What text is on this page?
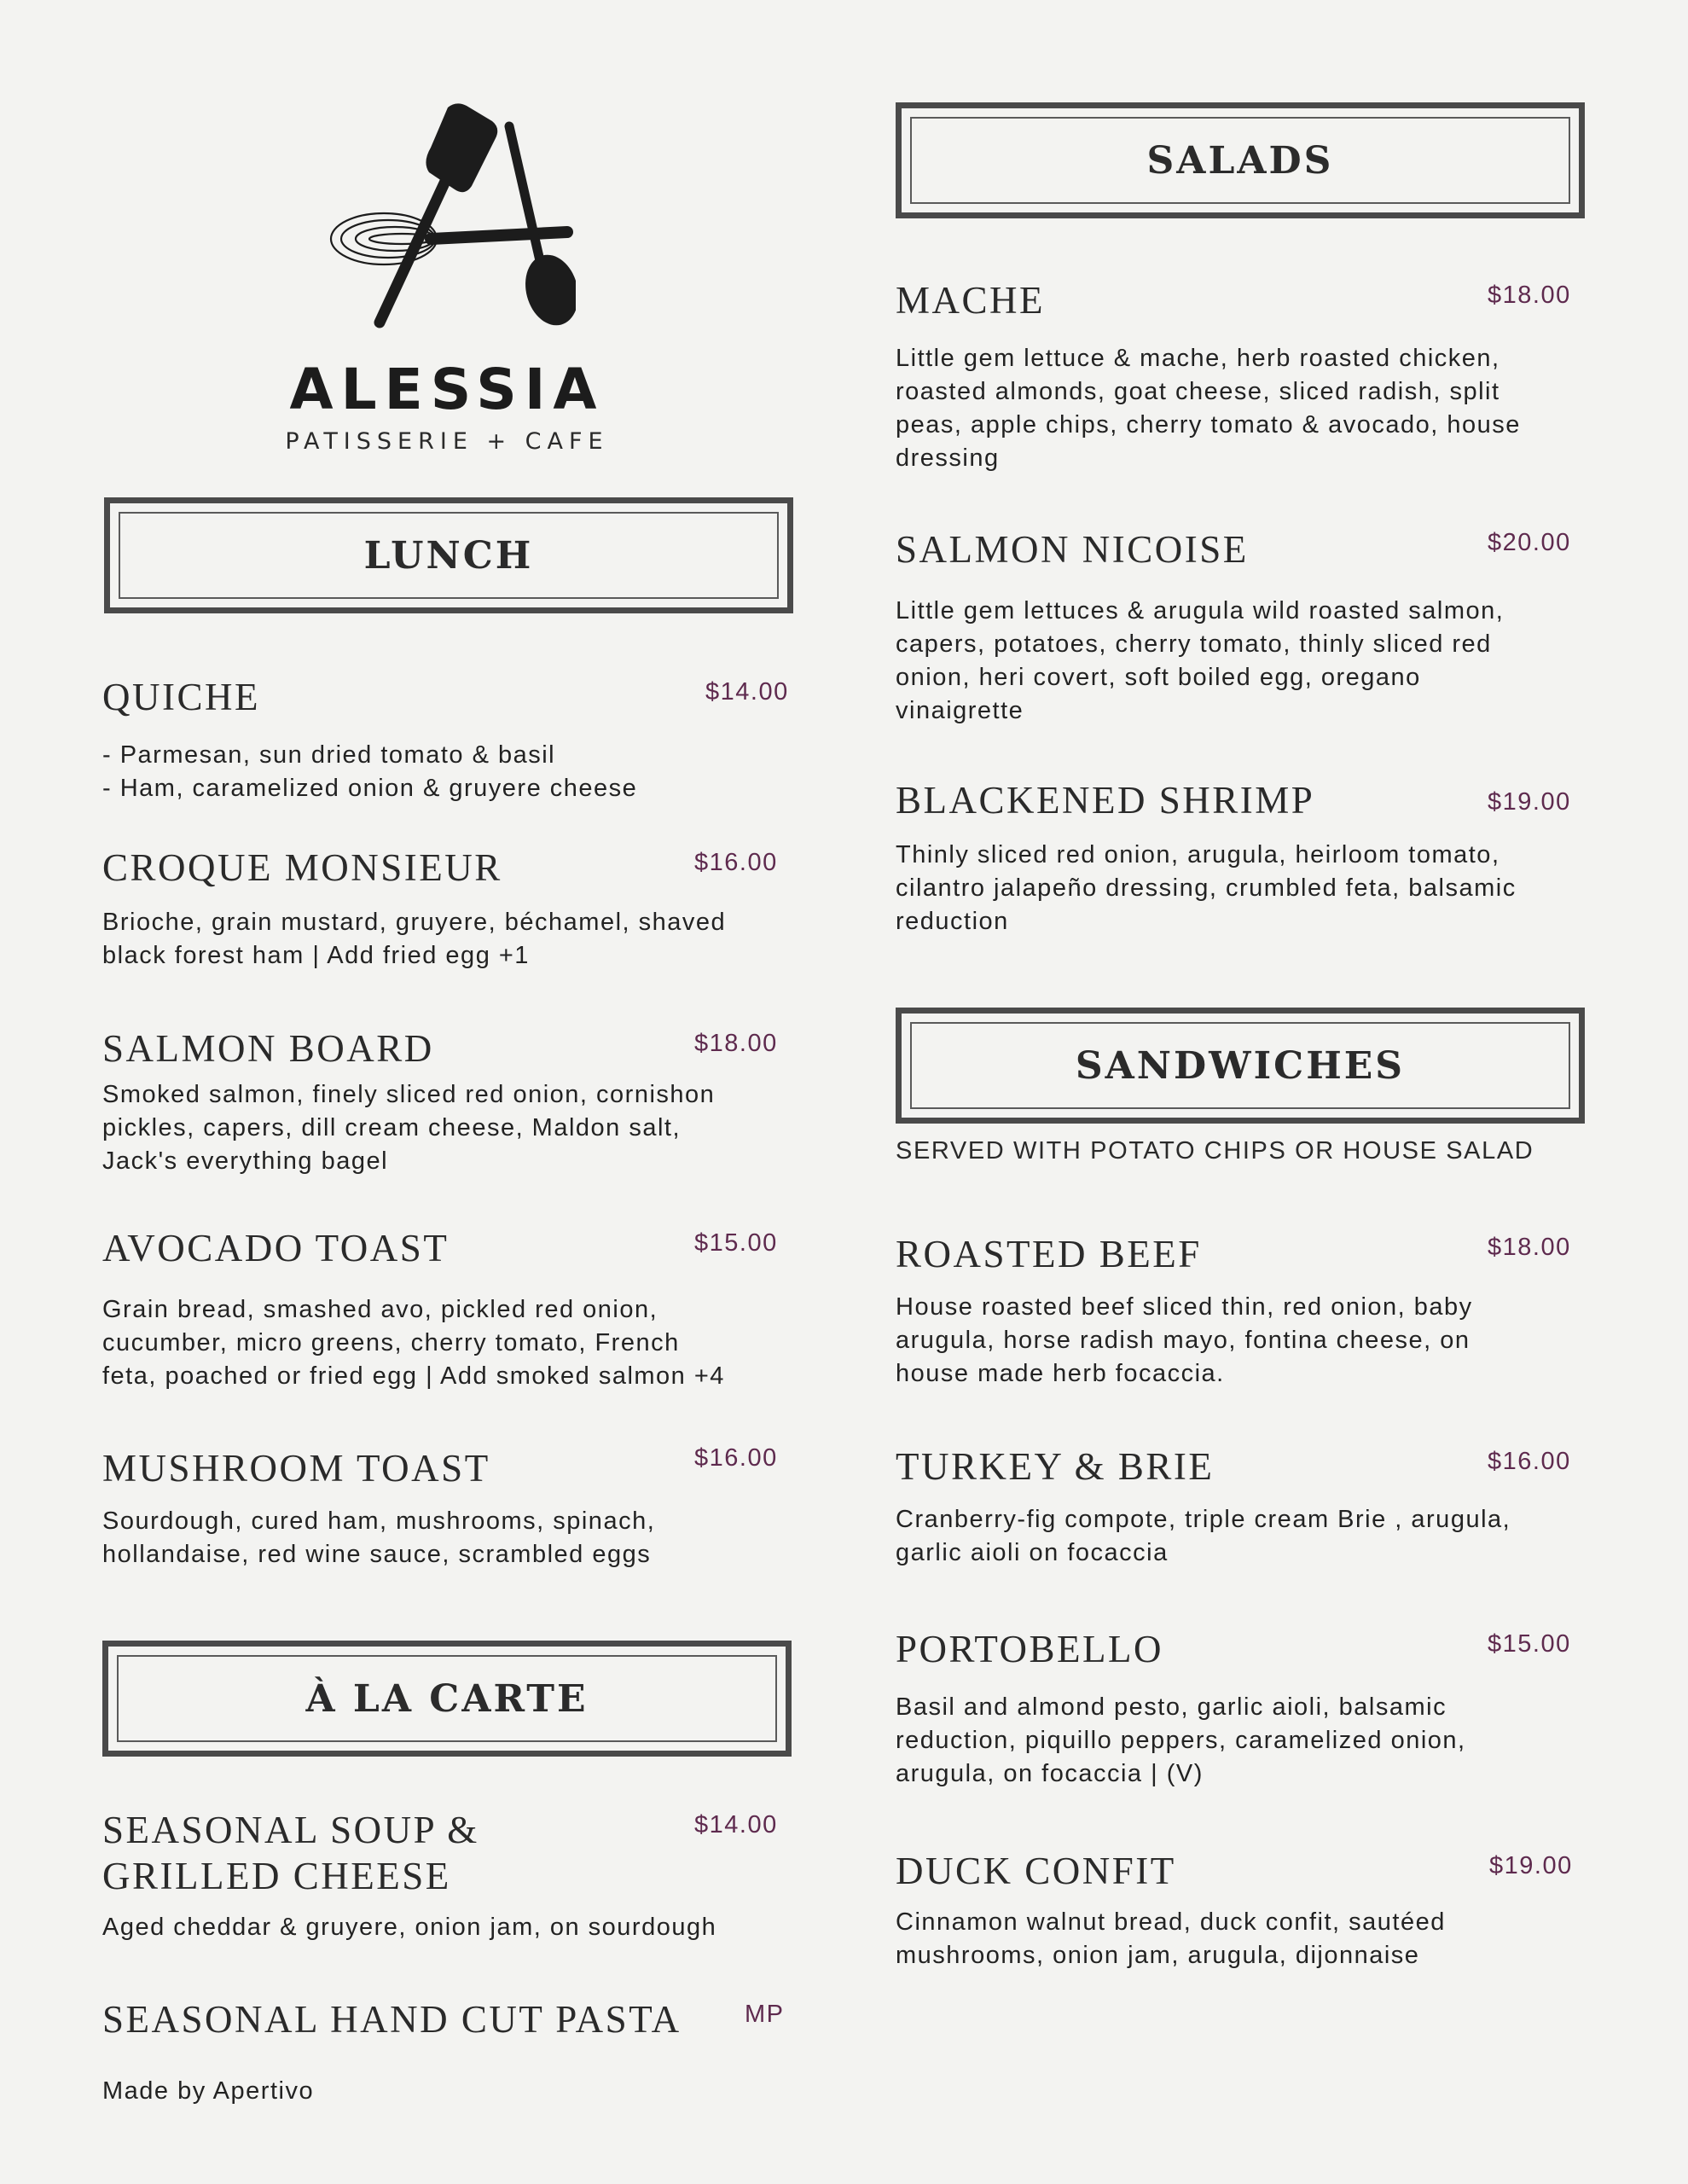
ALESSIA
PATISSERIE + CAFE
LUNCH
QUICHE	$14.00
- Parmesan, sun dried tomato & basil
- Ham, caramelized onion & gruyere cheese
CROQUE MONSIEUR	$16.00
Brioche, grain mustard, gruyere, béchamel, shaved
black forest ham | Add fried egg +1
SALMON BOARD	$18.00
Smoked salmon, finely sliced red onion, cornishon
pickles, capers, dill cream cheese, Maldon salt,
Jack's everything bagel
AVOCADO TOAST	$15.00
Grain bread, smashed avo, pickled red onion,
cucumber, micro greens, cherry tomato, French
feta, poached or fried egg | Add smoked salmon +4
MUSHROOM TOAST	$16.00
Sourdough, cured ham, mushrooms, spinach,
hollandaise, red wine sauce, scrambled eggs
À LA CARTE
SEASONAL SOUP &
GRILLED CHEESE
$14.00
Aged cheddar & gruyere, onion jam, on sourdough
SEASONAL HAND CUT PASTA	MP
Made by Apertivo
SALADS
MACHE	$18.00
Little gem lettuce & mache, herb roasted chicken,
roasted almonds, goat cheese, sliced radish, split
peas, apple chips, cherry tomato & avocado, house
dressing
SALMON NICOISE	$20.00
Little gem lettuces & arugula wild roasted salmon,
capers, potatoes, cherry tomato, thinly sliced red
onion, heri covert, soft boiled egg, oregano
vinaigrette
BLACKENED SHRIMP	$19.00
Thinly sliced red onion, arugula, heirloom tomato,
cilantro jalapeño dressing, crumbled feta, balsamic
reduction
SANDWICHES
SERVED WITH POTATO CHIPS OR HOUSE SALAD
ROASTED BEEF	$18.00
House roasted beef sliced thin, red onion, baby
arugula, horse radish mayo, fontina cheese, on
house made herb focaccia.
TURKEY & BRIE	$16.00
Cranberry-fig compote, triple cream Brie , arugula,
garlic aioli on focaccia
PORTOBELLO	$15.00
Basil and almond pesto, garlic aioli, balsamic
reduction, piquillo peppers, caramelized onion,
arugula, on focaccia | (V)
DUCK CONFIT	$19.00
Cinnamon walnut bread, duck confit, sautéed
mushrooms, onion jam, arugula, dijonnaise
